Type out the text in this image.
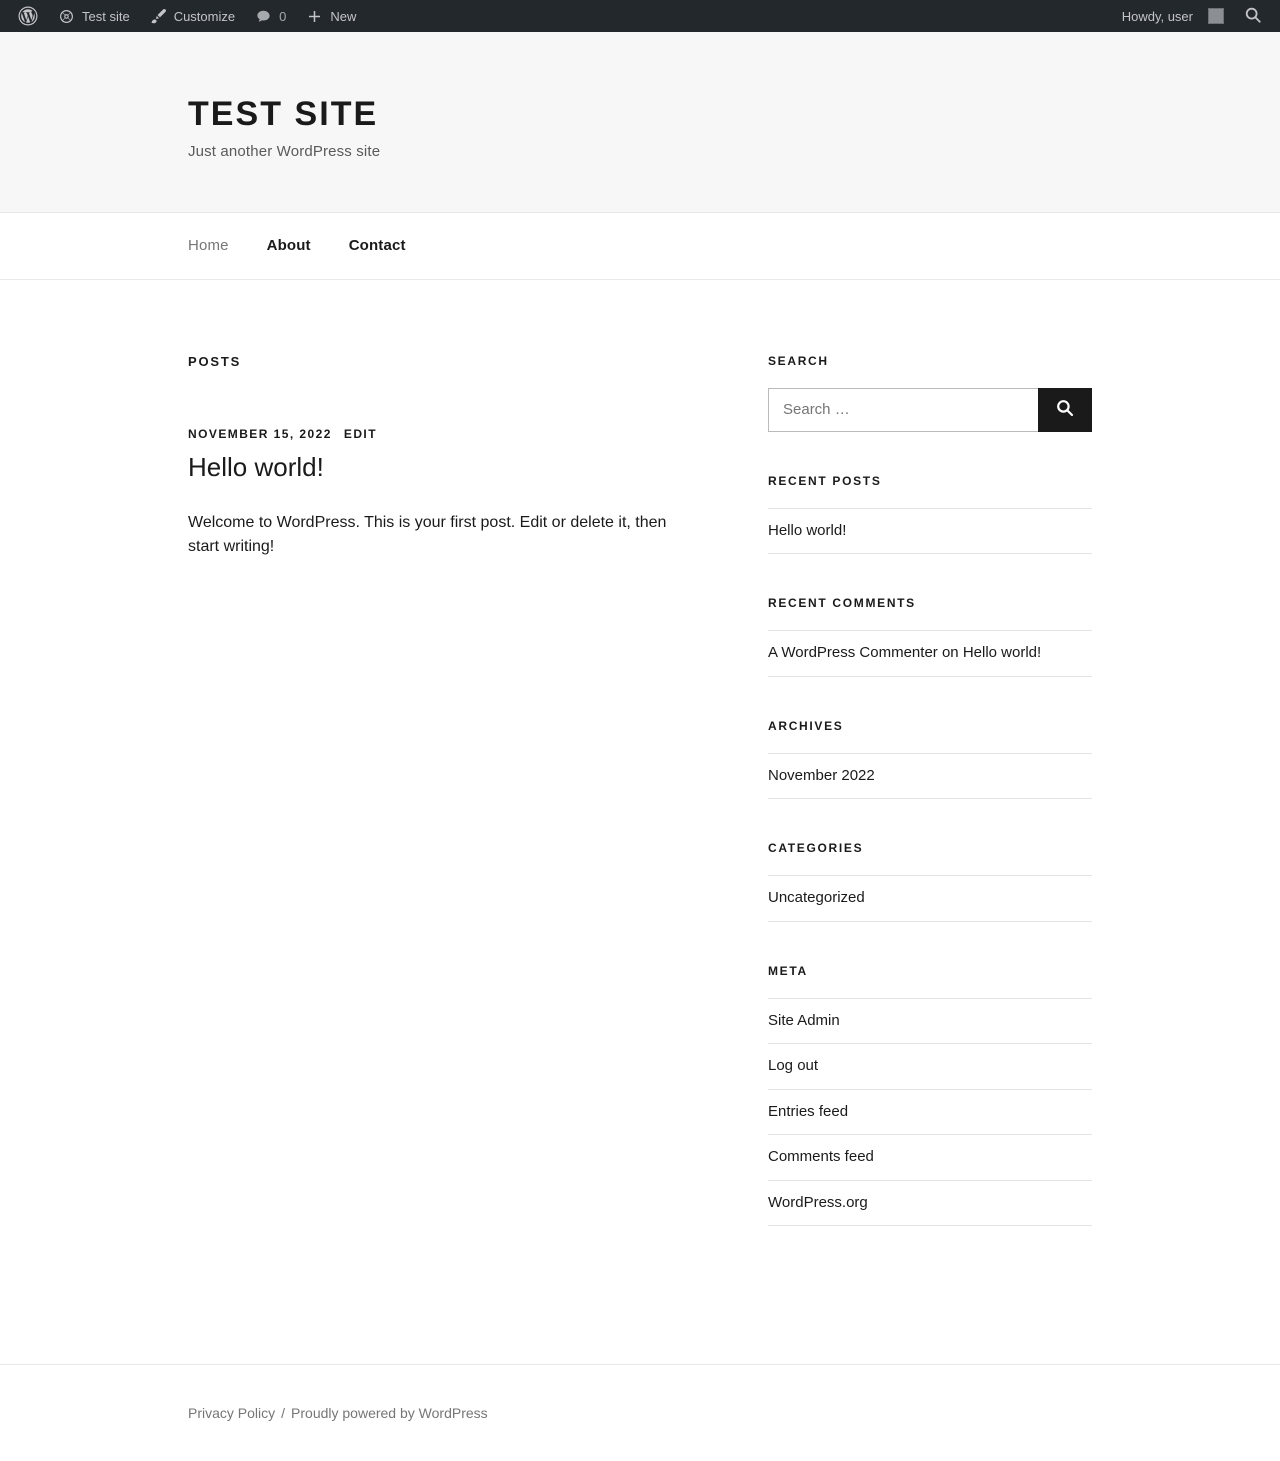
Test site	Customize	0	New	Howdy, user
TEST SITE

Just another WordPress site

Home	About	Contact
POSTS
NOVEMBER 15, 2022 EDIT
Hello world!

Welcome to WordPress. This is your first post. Edit or delete it, then start writing!

SEARCH
Search …
RECENT POSTS
Hello world!
RECENT COMMENTS
A WordPress Commenter on Hello world!
ARCHIVES
November 2022
CATEGORIES
Uncategorized
META
Site Admin
Log out
Entries feed
Comments feed
WordPress.org
Privacy Policy / Proudly powered by WordPress
